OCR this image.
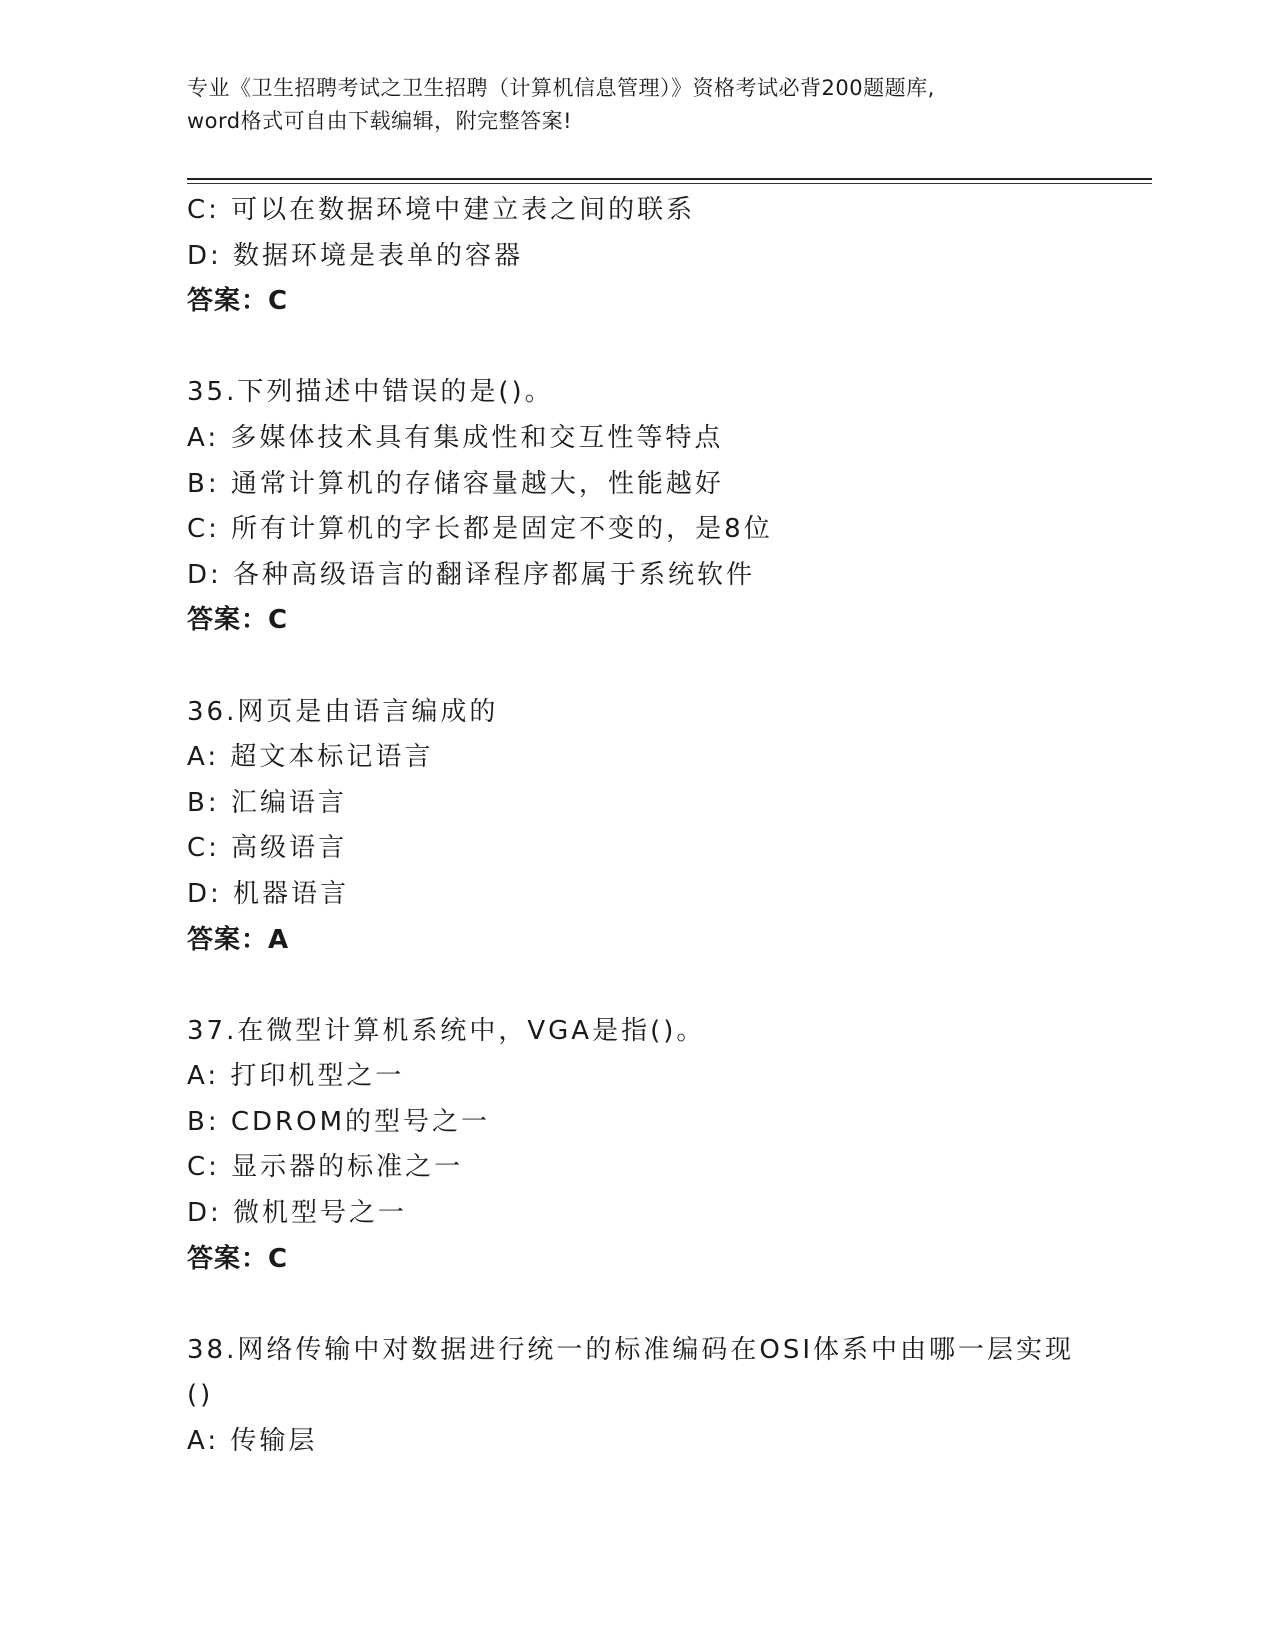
专业《卫生招聘考试之卫生招聘（计算机信息管理）》资格考试必背200题题库,
word格式可自由下载编辑，附完整答案!
C: 可以在数据环境中建立表之间的联系
D: 数据环境是表单的容器
答案：C
35.下列描述中错误的是()。
A: 多媒体技术具有集成性和交互性等特点
B: 通常计算机的存储容量越大，性能越好
C: 所有计算机的字长都是固定不变的，是8位
D: 各种高级语言的翻译程序都属于系统软件
答案：C
36.网页是由语言编成的
A: 超文本标记语言
B: 汇编语言
C: 高级语言
D: 机器语言
答案：A
37.在微型计算机系统中，VGA是指()。
A: 打印机型之一
B: CDROM的型号之一
C: 显示器的标准之一
D: 微机型号之一
答案：C
38.网络传输中对数据进行统一的标准编码在OSI体系中由哪一层实现
()
A: 传输层
